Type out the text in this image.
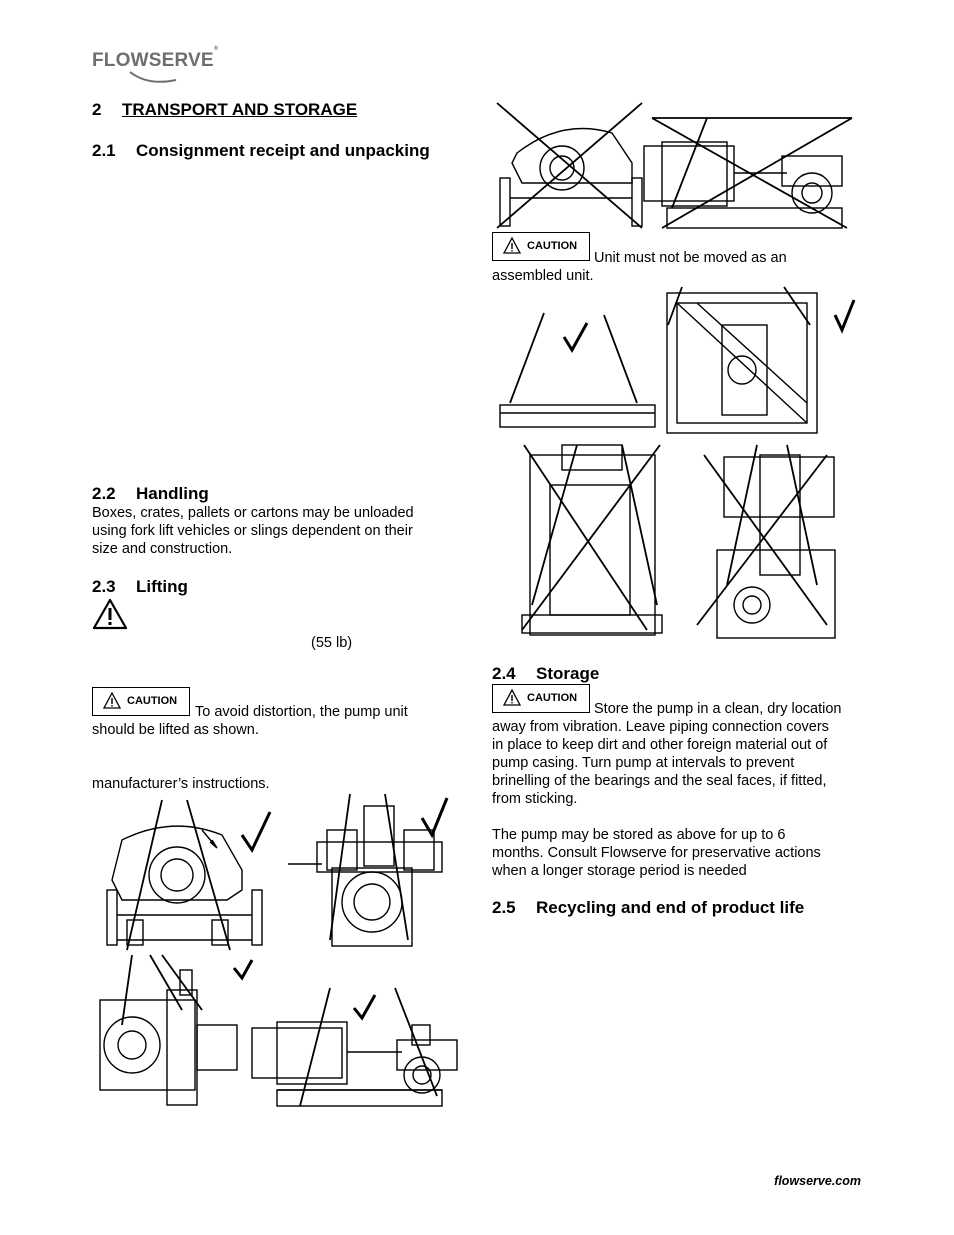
FLOWSERVE®
2 TRANSPORT AND STORAGE
2.1 Consignment receipt and unpacking
2.2 Handling
Boxes, crates, pallets or cartons may be unloaded
using fork lift vehicles or slings dependent on their
size and construction.
2.3 Lifting
(55 lb)
CAUTION
To avoid distortion, the pump unit
should be lifted as shown.
manufacturer’s instructions.
CAUTION
Unit must not be moved as an
assembled unit.
2.4 Storage
CAUTION
Store the pump in a clean, dry location
away from vibration. Leave piping connection covers
in place to keep dirt and other foreign material out of
pump casing. Turn pump at intervals to prevent
brinelling of the bearings and the seal faces, if fitted,
from sticking.
The pump may be stored as above for up to 6
months. Consult Flowserve for preservative actions
when a longer storage period is needed
2.5 Recycling and end of product life
flowserve.com
